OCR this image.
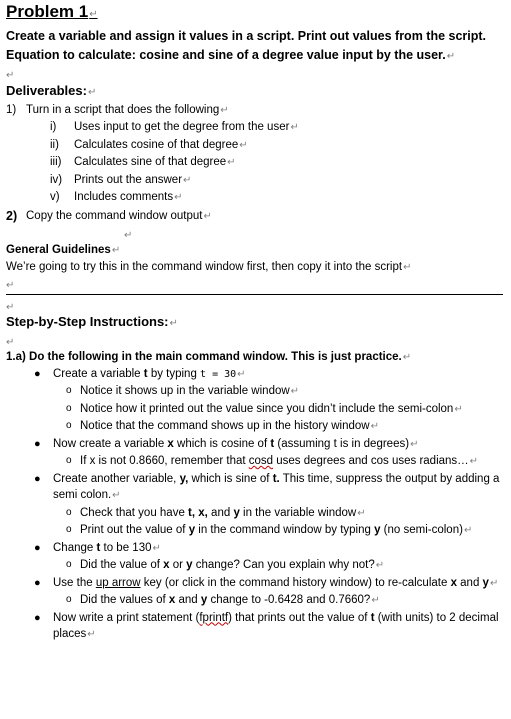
Problem 1 ↵
Create a variable and assign it values in a script. Print out values from the script. Equation to calculate: cosine and sine of a degree value input by the user. ↵
↵
Deliverables: ↵
1) Turn in a script that does the following ↵
i)	Uses input to get the degree from the user ↵
ii)	Calculates cosine of that degree ↵
iii)	Calculates sine of that degree ↵
iv)	Prints out the answer ↵
v)	Includes comments ↵
2) Copy the command window output ↵
↵
General Guidelines ↵
We’re going to try this in the command window first, then copy it into the script ↵
↵
↵
Step-by-Step Instructions: ↵
↵
1.a) Do the following in the main command window. This is just practice. ↵
●	Create a variable t by typing t = 30 ↵
o Notice it shows up in the variable window ↵
o Notice how it printed out the value since you didn’t include the semi-colon ↵
o Notice that the command shows up in the history window ↵
●	Now create a variable x which is cosine of t (assuming t is in degrees) ↵
o If x is not 0.8660, remember that cosd uses degrees and cos uses radians… ↵
●	Create another variable, y, which is sine of t. This time, suppress the output by adding a semi colon. ↵
o Check that you have t, x, and y in the variable window ↵
o Print out the value of y in the command window by typing y (no semi-colon) ↵
●	Change t to be 130 ↵
o Did the value of x or y change? Can you explain why not? ↵
●	Use the up arrow key (or click in the command history window) to re-calculate x and y ↵
o Did the values of x and y change to -0.6428 and 0.7660? ↵
●	Now write a print statement (fprintf) that prints out the value of t (with units) to 2 decimal places ↵
